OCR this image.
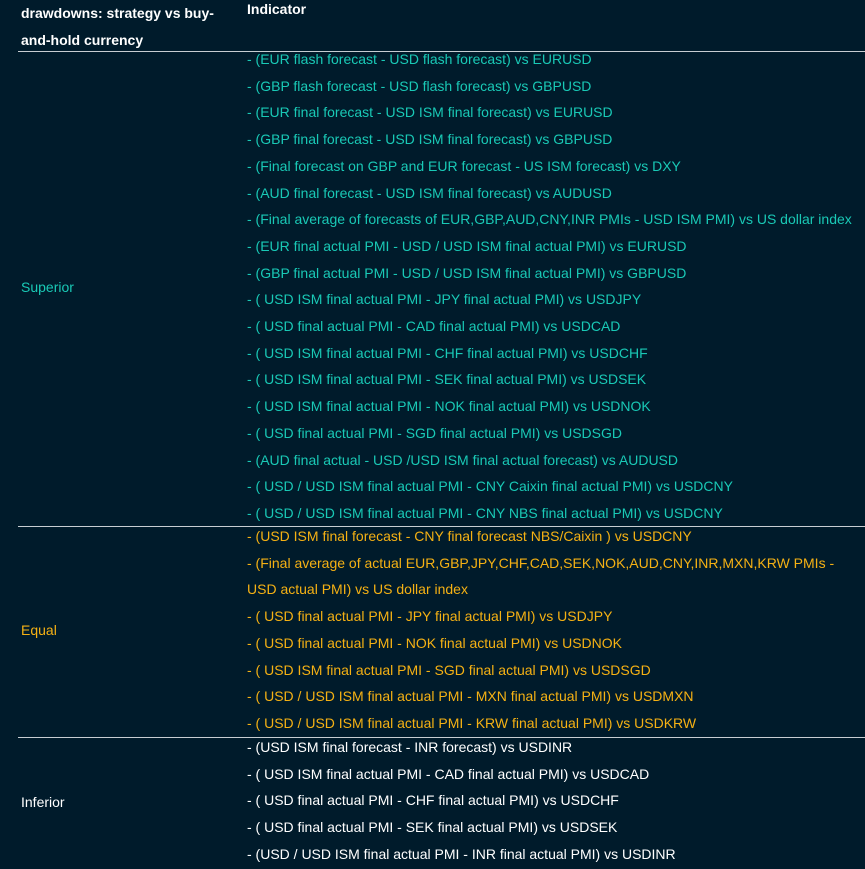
drawdowns: strategy vs buy-and-hold currency
Indicator
Superior
- (EUR flash forecast - USD flash forecast) vs EURUSD
- (GBP flash forecast - USD flash forecast) vs GBPUSD
- (EUR final forecast - USD ISM final forecast) vs EURUSD
- (GBP final forecast - USD ISM final forecast) vs GBPUSD
- (Final forecast on GBP and EUR forecast - US ISM forecast) vs DXY
- (AUD final forecast - USD ISM final forecast) vs AUDUSD
- (Final average of forecasts of EUR,GBP,AUD,CNY,INR PMIs - USD ISM PMI) vs US dollar index
- (EUR final actual PMI - USD / USD ISM final actual PMI) vs EURUSD
- (GBP final actual PMI - USD / USD ISM final actual PMI) vs GBPUSD
- ( USD ISM final actual PMI - JPY final actual PMI) vs USDJPY
- ( USD final actual PMI - CAD final actual PMI) vs USDCAD
- ( USD ISM final actual PMI - CHF final actual PMI) vs USDCHF
- ( USD ISM final actual PMI - SEK final actual PMI) vs USDSEK
- ( USD ISM final actual PMI - NOK final actual PMI) vs USDNOK
- ( USD final actual PMI - SGD final actual PMI) vs USDSGD
- (AUD final actual - USD /USD ISM final actual forecast) vs AUDUSD
- ( USD / USD ISM final actual PMI - CNY Caixin final actual PMI) vs USDCNY
- ( USD / USD ISM final actual PMI - CNY NBS final actual PMI) vs USDCNY
Equal
- (USD ISM final forecast - CNY final forecast NBS/Caixin ) vs USDCNY
- (Final average of actual EUR,GBP,JPY,CHF,CAD,SEK,NOK,AUD,CNY,INR,MXN,KRW PMIs - USD actual PMI) vs US dollar index
- ( USD final actual PMI - JPY final actual PMI) vs USDJPY
- ( USD final actual PMI - NOK final actual PMI) vs USDNOK
- ( USD ISM final actual PMI - SGD final actual PMI) vs USDSGD
- ( USD / USD ISM final actual PMI - MXN final actual PMI) vs USDMXN
- ( USD / USD ISM final actual PMI - KRW final actual PMI) vs USDKRW
Inferior
- (USD ISM final forecast - INR forecast) vs USDINR
- ( USD ISM final actual PMI - CAD final actual PMI) vs USDCAD
- ( USD final actual PMI - CHF final actual PMI) vs USDCHF
- ( USD final actual PMI - SEK final actual PMI) vs USDSEK
- (USD / USD ISM final actual PMI - INR final actual PMI) vs USDINR
